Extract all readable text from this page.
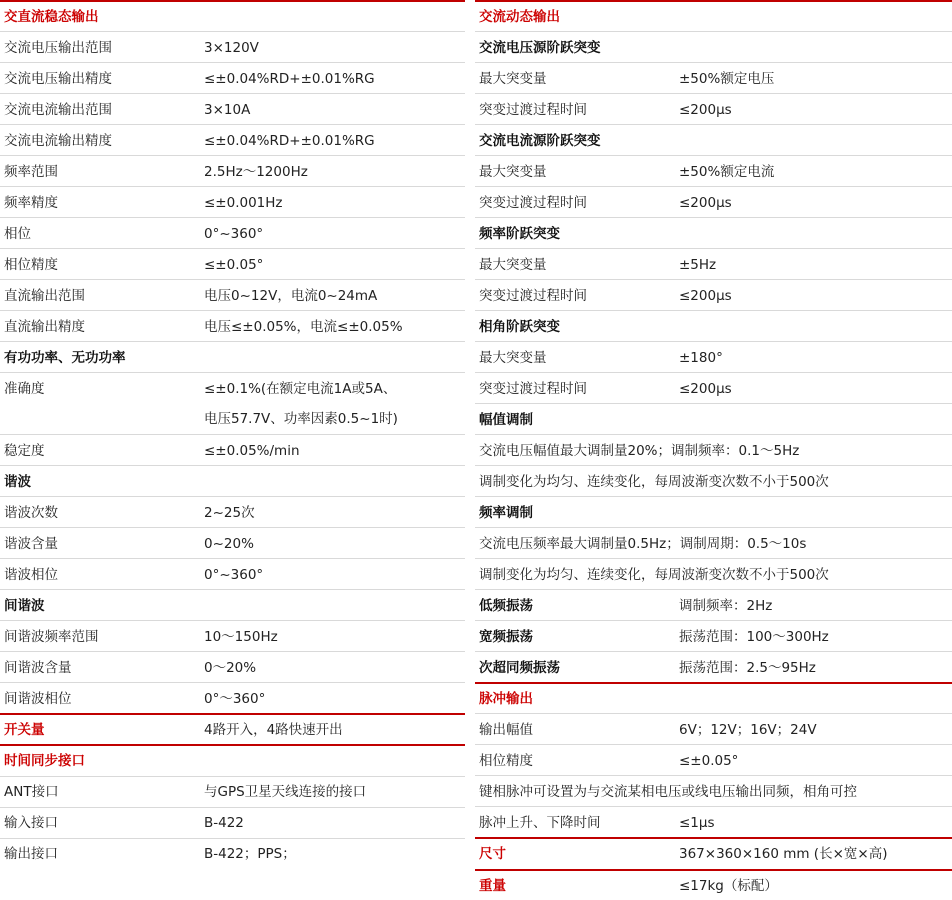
交直流稳态输出
交流电压输出范围	3×120V
交流电压输出精度	≤±0.04%RD+±0.01%RG
交流电流输出范围	3×10A
交流电流输出精度	≤±0.04%RD+±0.01%RG
频率范围	2.5Hz～1200Hz
频率精度	≤±0.001Hz
相位	0°~360°
相位精度	≤±0.05°
直流输出范围	电压0~12V，电流0~24mA
直流输出精度	电压≤±0.05%，电流≤±0.05%
有功功率、无功功率
准确度	≤±0.1%(在额定电流1A或5A、
电压57.7V、功率因素0.5~1时)
稳定度	≤±0.05%/min
谐波
谐波次数	2~25次
谐波含量	0~20%
谐波相位	0°~360°
间谐波
间谐波频率范围	10～150Hz
间谐波含量	0～20%
间谐波相位	0°～360°
开关量	4路开入，4路快速开出
时间同步接口
ANT接口	与GPS卫星天线连接的接口
输入接口	B-422
输出接口	B-422；PPS；
交流动态输出
交流电压源阶跃突变
最大突变量	±50%额定电压
突变过渡过程时间	≤200μs
交流电流源阶跃突变
最大突变量	±50%额定电流
突变过渡过程时间	≤200μs
频率阶跃突变
最大突变量	±5Hz
突变过渡过程时间	≤200μs
相角阶跃突变
最大突变量	±180°
突变过渡过程时间	≤200μs
幅值调制
交流电压幅值最大调制量20%；调制频率：0.1～5Hz
调制变化为均匀、连续变化，每周波渐变次数不小于500次
频率调制
交流电压频率最大调制量0.5Hz；调制周期：0.5～10s
调制变化为均匀、连续变化，每周波渐变次数不小于500次
低频振荡	调制频率：2Hz
宽频振荡	振荡范围：100～300Hz
次超同频振荡	振荡范围：2.5～95Hz
脉冲输出
输出幅值	6V；12V；16V；24V
相位精度	≤±0.05°
键相脉冲可设置为与交流某相电压或线电压输出同频，相角可控
脉冲上升、下降时间	≤1μs
尺寸	367×360×160 mm (长×宽×高)
重量	≤17kg（标配）
